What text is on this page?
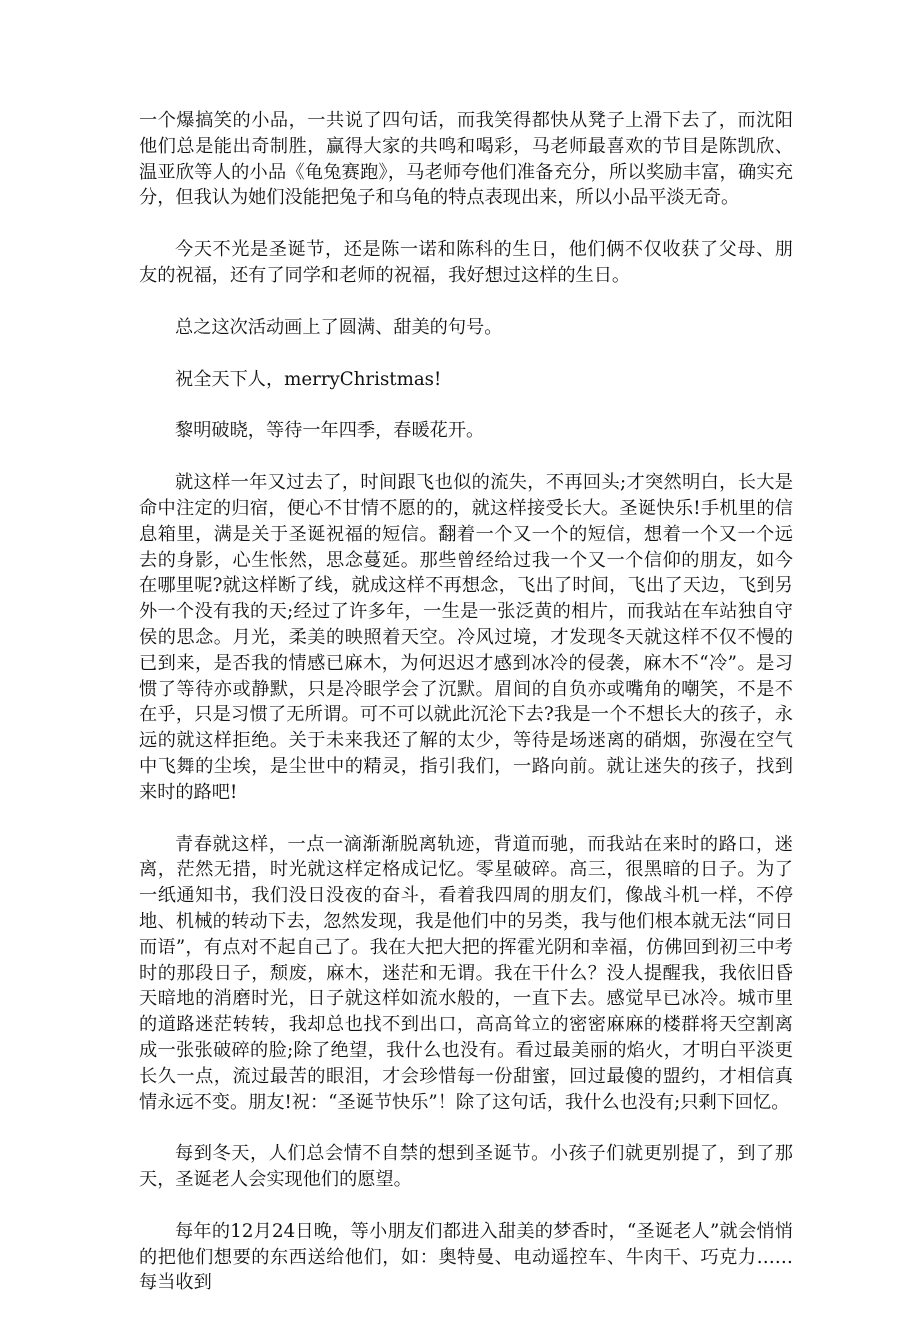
一个爆搞笑的小品，一共说了四句话，而我笑得都快从凳子上滑下去了，而沈阳他们总是能出奇制胜，赢得大家的共鸣和喝彩，马老师最喜欢的节目是陈凯欣、温亚欣等人的小品《龟兔赛跑》，马老师夸他们准备充分，所以奖励丰富，确实充分，但我认为她们没能把兔子和乌龟的特点表现出来，所以小品平淡无奇。

今天不光是圣诞节，还是陈一诺和陈科的生日，他们俩不仅收获了父母、朋友的祝福，还有了同学和老师的祝福，我好想过这样的生日。

总之这次活动画上了圆满、甜美的句号。

祝全天下人，merryChristmas!

黎明破晓，等待一年四季，春暖花开。

就这样一年又过去了，时间跟飞也似的流失，不再回头;才突然明白，长大是命中注定的归宿，便心不甘情不愿的的，就这样接受长大。圣诞快乐!手机里的信息箱里，满是关于圣诞祝福的短信。翻着一个又一个的短信，想着一个又一个远去的身影，心生怅然，思念蔓延。那些曾经给过我一个又一个信仰的朋友，如今在哪里呢?就这样断了线，就成这样不再想念，飞出了时间，飞出了天边，飞到另外一个没有我的天;经过了许多年，一生是一张泛黄的相片，而我站在车站独自守侯的思念。月光，柔美的映照着天空。冷风过境，才发现冬天就这样不仅不慢的已到来，是否我的情感已麻木，为何迟迟才感到冰冷的侵袭，麻木不“冷”。是习惯了等待亦或静默，只是冷眼学会了沉默。眉间的自负亦或嘴角的嘲笑，不是不在乎，只是习惯了无所谓。可不可以就此沉沦下去?我是一个不想长大的孩子，永远的就这样拒绝。关于未来我还了解的太少，等待是场迷离的硝烟，弥漫在空气中飞舞的尘埃，是尘世中的精灵，指引我们，一路向前。就让迷失的孩子，找到来时的路吧!

青春就这样，一点一滴渐渐脱离轨迹，背道而驰，而我站在来时的路口，迷离，茫然无措，时光就这样定格成记忆。零星破碎。高三，很黑暗的日子。为了一纸通知书，我们没日没夜的奋斗，看着我四周的朋友们，像战斗机一样，不停地、机械的转动下去，忽然发现，我是他们中的另类，我与他们根本就无法“同日而语”，有点对不起自己了。我在大把大把的挥霍光阴和幸福，仿佛回到初三中考时的那段日子，颓废，麻木，迷茫和无谓。我在干什么？没人提醒我，我依旧昏天暗地的消磨时光，日子就这样如流水般的，一直下去。感觉早已冰冷。城市里的道路迷茫转转，我却总也找不到出口，高高耸立的密密麻麻的楼群将天空割离成一张张破碎的脸;除了绝望，我什么也没有。看过最美丽的焰火，才明白平淡更长久一点，流过最苦的眼泪，才会珍惜每一份甜蜜，回过最傻的盟约，才相信真情永远不变。朋友!祝：“圣诞节快乐”！除了这句话，我什么也没有;只剩下回忆。

每到冬天，人们总会情不自禁的想到圣诞节。小孩子们就更别提了，到了那天，圣诞老人会实现他们的愿望。

每年的12月24日晚，等小朋友们都进入甜美的梦香时，“圣诞老人”就会悄悄的把他们想要的东西送给他们，如：奥特曼、电动遥控车、牛肉干、巧克力……每当收到
